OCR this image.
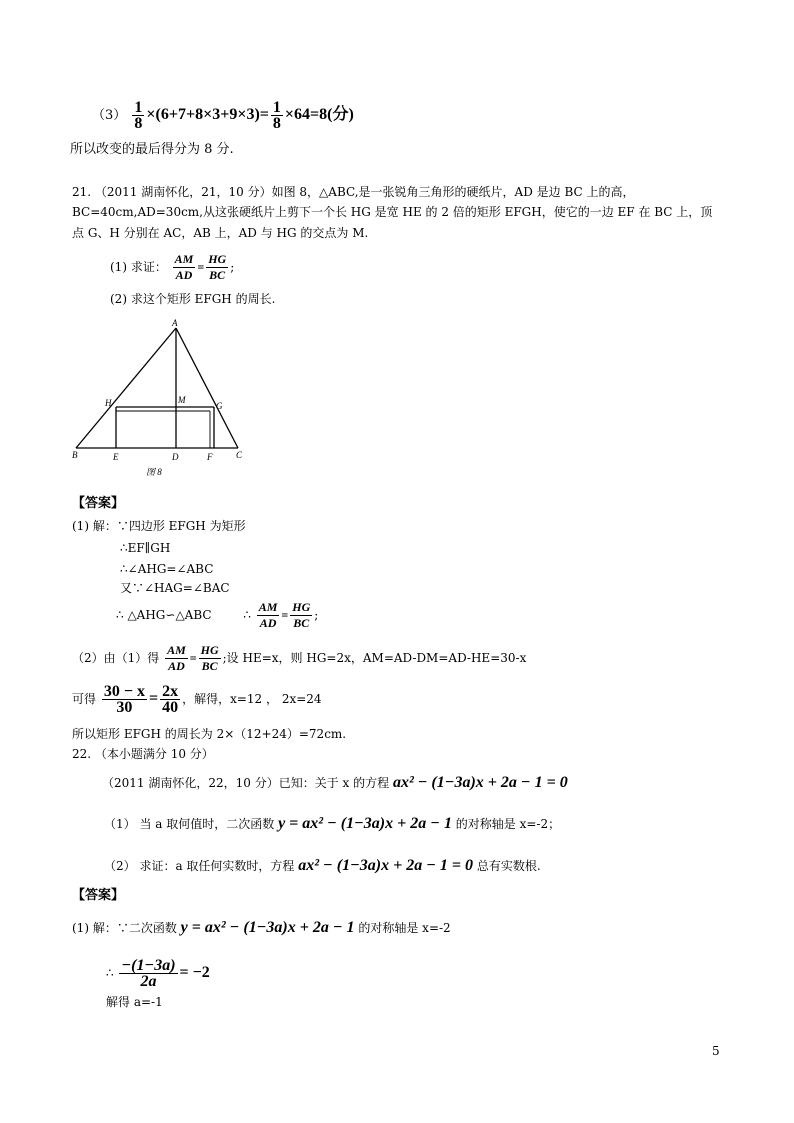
$(3) \frac{1}{8} \times(6+7+8\times 3+9\times 3)= \frac{1}{8} \times 64=8$(分)
所以改变的最后得分为 8 分.
21. （2011 湖南怀化，21，10 分）如图 8，△ABC,是一张锐角三角形的硬纸片，AD 是边 BC 上的高，
BC=40cm,AD=30cm,从这张硬纸片上剪下一个长 HG 是宽 HE 的 2 倍的矩形 EFGH，使它的一边 EF 在 BC 上，顶
点 G、H 分别在 AC，AB 上，AD 与 HG 的交点为 M.
(1) 求证： $\frac{AM}{AD} = \frac{HG}{BC}$ ;
(2) 求这个矩形 EFGH 的周长.
A
H	M
G
B	E	D	F	C
图 8
【答案】
(1) 解：∵四边形 EFGH 为矩形
∴EF∥GH
∴∠AHG=∠ABC
又∵∠HAG=∠BAC
∴ △AHG∽△ABC	∴ $\frac{AM}{AD} = \frac{HG}{BC}$ ;
（2）由（1）得 $\frac{AM}{AD} = \frac{HG}{BC}$ ;设 HE=x，则 HG=2x，AM=AD-DM=AD-HE=30-x
可得 $\frac{30 - x}{30} = \frac{2x}{40}$ ，解得，x=12 ， 2x=24
所以矩形 EFGH 的周长为 2×（12+24）=72cm.
22. （本小题满分 10 分）
（2011 湖南怀化，22，10 分）已知：关于 x 的方程 ax² − (1−3a)x + 2a − 1 = 0
（1） 当 a 取何值时，二次函数 y = ax² − (1−3a)x + 2a − 1 的对称轴是 x=-2；
（2） 求证：a 取任何实数时，方程 ax² − (1−3a)x + 2a − 1 = 0 总有实数根.
【答案】
(1) 解：∵二次函数 y = ax² − (1−3a)x + 2a − 1 的对称轴是 x=-2
∴ $\frac{-(1-3a)}{2a} = -2$
解得 a=-1
5
